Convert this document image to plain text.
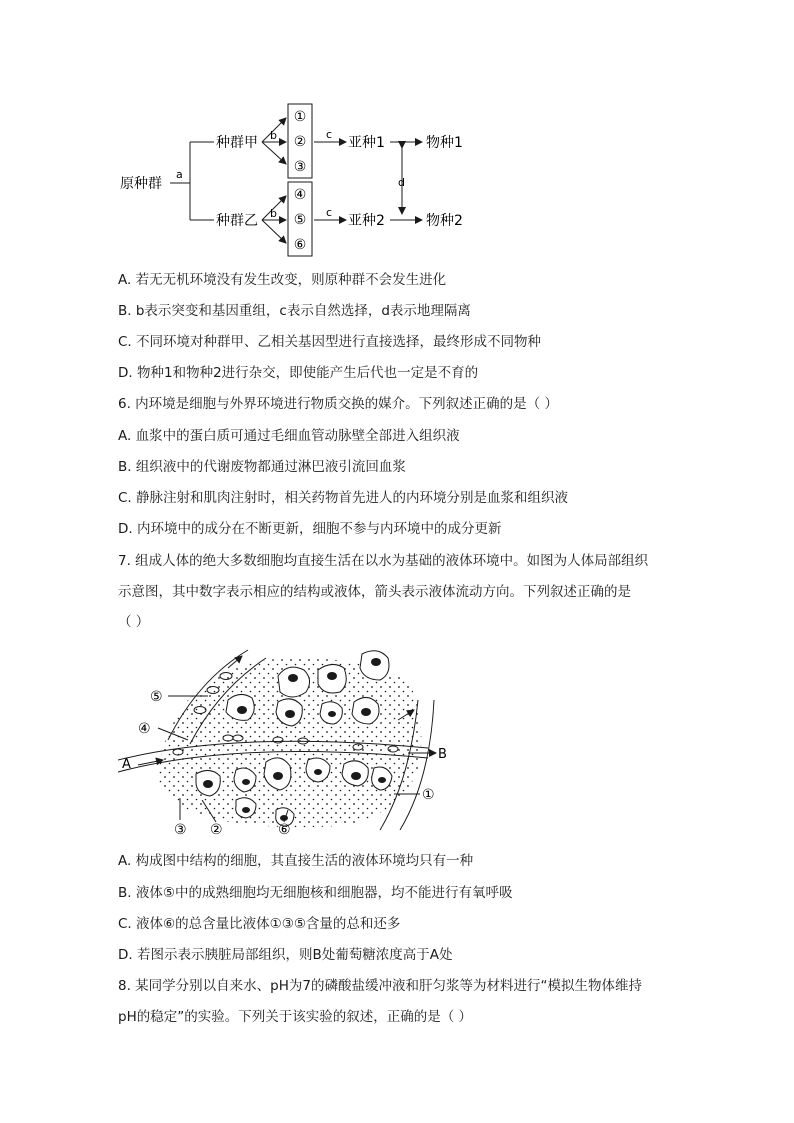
原种群
a
种群甲
种群乙
b
b
①
②
③
④
⑤
⑥
c
c
亚种1
亚种2
d
物种1
物种2
A. 若无无机环境没有发生改变，则原种群不会发生进化
B. b表示突变和基因重组，c表示自然选择，d表示地理隔离
C. 不同环境对种群甲、乙相关基因型进行直接选择，最终形成不同物种
D. 物种1和物种2进行杂交，即使能产生后代也一定是不育的
6. 内环境是细胞与外界环境进行物质交换的媒介。下列叙述正确的是（ ）
A. 血浆中的蛋白质可通过毛细血管动脉壁全部进入组织液
B. 组织液中的代谢废物都通过淋巴液引流回血浆
C. 静脉注射和肌肉注射时，相关药物首先进人的内环境分别是血浆和组织液
D. 内环境中的成分在不断更新，细胞不参与内环境中的成分更新
7. 组成人体的绝大多数细胞均直接生活在以水为基础的液体环境中。如图为人体局部组织
示意图，其中数字表示相应的结构或液体，箭头表示液体流动方向。下列叙述正确的是
（ ）
⑤
④
A
B
①
③ ②	⑥
A. 构成图中结构的细胞，其直接生活的液体环境均只有一种
B. 液体⑤中的成熟细胞均无细胞核和细胞器，均不能进行有氧呼吸
C. 液体⑥的总含量比液体①③⑤含量的总和还多
D. 若图示表示胰脏局部组织，则B处葡萄糖浓度高于A处
8. 某同学分别以自来水、pH为7的磷酸盐缓冲液和肝匀浆等为材料进行“模拟生物体维持
pH的稳定”的实验。下列关于该实验的叙述，正确的是（ ）
